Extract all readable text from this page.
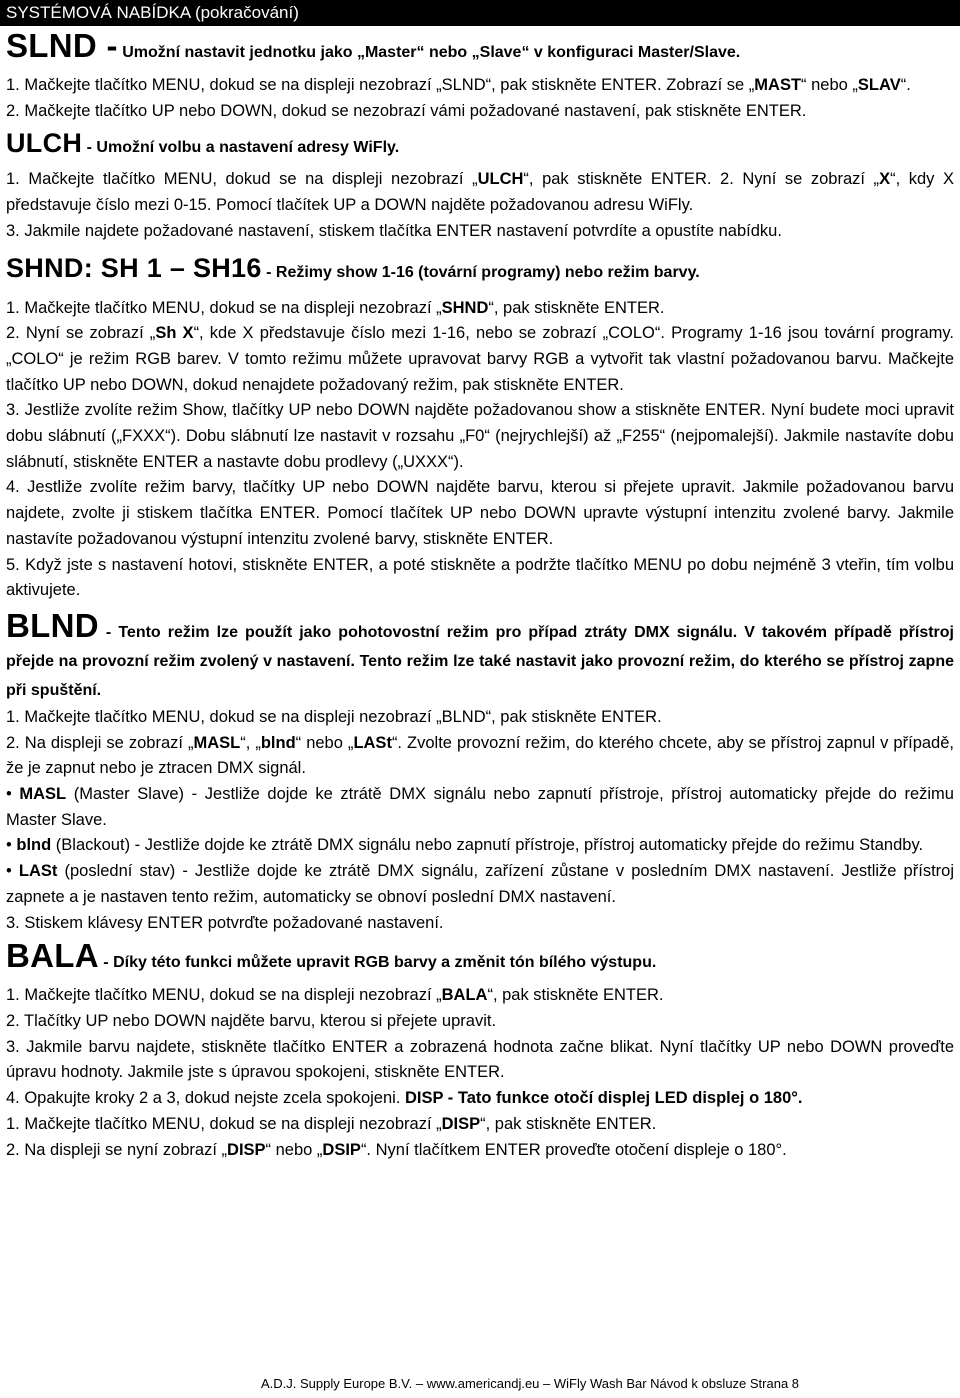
SYSTÉMOVÁ NABÍDKA (pokračování)

SLND - Umožní nastavit jednotku jako „Master“ nebo „Slave“ v konfiguraci Master/Slave.

1. Mačkejte tlačítko MENU, dokud se na displeji nezobrazí „SLND“, pak stiskněte ENTER. Zobrazí se „MAST“ nebo „SLAV“.

2. Mačkejte tlačítko UP nebo DOWN, dokud se nezobrazí vámi požadované nastavení, pak stiskněte ENTER.

ULCH - Umožní volbu a nastavení adresy WiFly.

1. Mačkejte tlačítko MENU, dokud se na displeji nezobrazí „ULCH“, pak stiskněte ENTER. 2. Nyní se zobrazí „X“, kdy X představuje číslo mezi 0-15. Pomocí tlačítek UP a DOWN najděte požadovanou adresu WiFly.

3. Jakmile najdete požadované nastavení, stiskem tlačítka ENTER nastavení potvrdíte a opustíte nabídku.

SHND: SH 1 – SH16 - Režimy show 1-16 (tovární programy) nebo režim barvy.

1. Mačkejte tlačítko MENU, dokud se na displeji nezobrazí „SHND“, pak stiskněte ENTER.

2. Nyní se zobrazí „Sh X“, kde X představuje číslo mezi 1-16, nebo se zobrazí „COLO“. Programy 1-16 jsou tovární programy. „COLO“ je režim RGB barev. V tomto režimu můžete upravovat barvy RGB a vytvořit tak vlastní požadovanou barvu. Mačkejte tlačítko UP nebo DOWN, dokud nenajdete požadovaný režim, pak stiskněte ENTER.

3. Jestliže zvolíte režim Show, tlačítky UP nebo DOWN najděte požadovanou show a stiskněte ENTER. Nyní budete moci upravit dobu slábnutí („FXXX“). Dobu slábnutí lze nastavit v rozsahu „F0“ (nejrychlejší) až „F255“ (nejpomalejší). Jakmile nastavíte dobu slábnutí, stiskněte ENTER a nastavte dobu prodlevy („UXXX“).

4. Jestliže zvolíte režim barvy, tlačítky UP nebo DOWN najděte barvu, kterou si přejete upravit. Jakmile požadovanou barvu najdete, zvolte ji stiskem tlačítka ENTER. Pomocí tlačítek UP nebo DOWN upravte výstupní intenzitu zvolené barvy. Jakmile nastavíte požadovanou výstupní intenzitu zvolené barvy, stiskněte ENTER.

5. Když jste s nastavení hotovi, stiskněte ENTER, a poté stiskněte a podržte tlačítko MENU po dobu nejméně 3 vteřin, tím volbu aktivujete.

BLND - Tento režim lze použít jako pohotovostní režim pro případ ztráty DMX signálu. V takovém případě přístroj přejde na provozní režim zvolený v nastavení. Tento režim lze také nastavit jako provozní režim, do kterého se přístroj zapne při spuštění.

1. Mačkejte tlačítko MENU, dokud se na displeji nezobrazí „BLND“, pak stiskněte ENTER.

2. Na displeji se zobrazí „MASL“, „blnd“ nebo „LASt“. Zvolte provozní režim, do kterého chcete, aby se přístroj zapnul v případě, že je zapnut nebo je ztracen DMX signál.

• MASL (Master Slave) - Jestliže dojde ke ztrátě DMX signálu nebo zapnutí přístroje, přístroj automaticky přejde do režimu Master Slave.

• blnd (Blackout) - Jestliže dojde ke ztrátě DMX signálu nebo zapnutí přístroje, přístroj automaticky přejde do režimu Standby.

• LASt (poslední stav) - Jestliže dojde ke ztrátě DMX signálu, zařízení zůstane v posledním DMX nastavení. Jestliže přístroj zapnete a je nastaven tento režim, automaticky se obnoví poslední DMX nastavení.

3. Stiskem klávesy ENTER potvrďte požadované nastavení.

BALA - Díky této funkci můžete upravit RGB barvy a změnit tón bílého výstupu.

1. Mačkejte tlačítko MENU, dokud se na displeji nezobrazí „BALA“, pak stiskněte ENTER.

2. Tlačítky UP nebo DOWN najděte barvu, kterou si přejete upravit.

3. Jakmile barvu najdete, stiskněte tlačítko ENTER a zobrazená hodnota začne blikat. Nyní tlačítky UP nebo DOWN proveďte úpravu hodnoty. Jakmile jste s úpravou spokojeni, stiskněte ENTER.

4. Opakujte kroky 2 a 3, dokud nejste zcela spokojeni. DISP - Tato funkce otočí displej LED displej o 180°.

1. Mačkejte tlačítko MENU, dokud se na displeji nezobrazí „DISP“, pak stiskněte ENTER.

2. Na displeji se nyní zobrazí „DISP“ nebo „DSIP“. Nyní tlačítkem ENTER proveďte otočení displeje o 180°.

A.D.J. Supply Europe B.V. – www.americandj.eu – WiFly Wash Bar Návod k obsluze Strana 8
